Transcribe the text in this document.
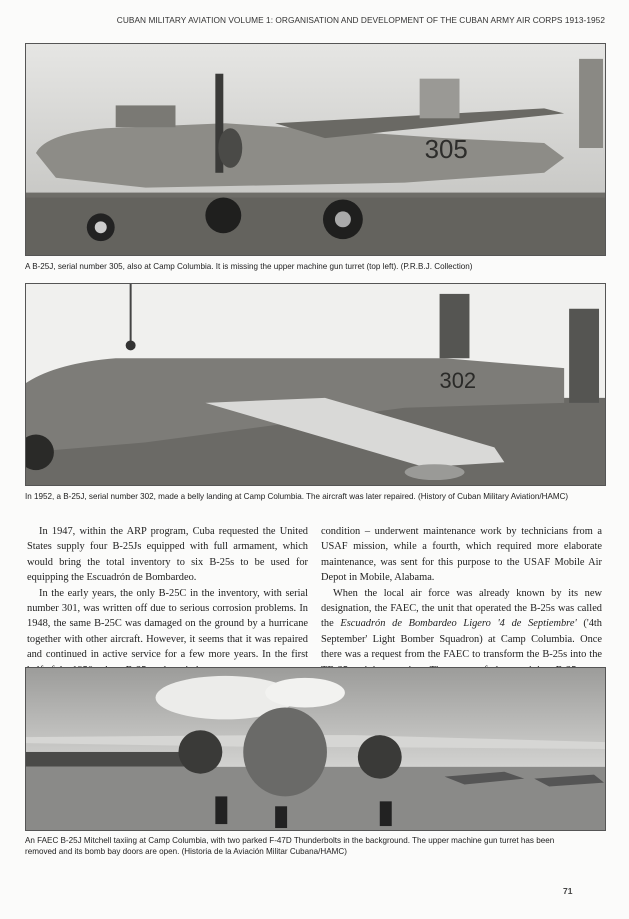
CUBAN MILITARY AVIATION VOLUME 1: ORGANISATION AND DEVELOPMENT OF THE CUBAN ARMY AIR CORPS 1913-1952
305
A B-25J, serial number 305, also at Camp Columbia. It is missing the upper machine gun turret (top left). (P.R.B.J. Collection)
302
In 1952, a B-25J, serial number 302, made a belly landing at Camp Columbia. The aircraft was later repaired. (History of Cuban Military Aviation/HAMC)

In 1947, within the ARP program, Cuba requested the United States supply four B-25Js equipped with full armament, which would bring the total inventory to six B-25s to be used for equipping the Escuadrón de Bombardeo.

In the early years, the only B-25C in the inventory, with serial number 301, was written off due to serious corrosion problems. In 1948, the same B-25C was damaged on the ground by a hurricane together with other aircraft. However, it seems that it was repaired and continued in active service for a few more years. In the first

condition – underwent maintenance work by technicians from a USAF mission, while a fourth, which required more elaborate maintenance, was sent for this purpose to the USAF Mobile Air Depot in Mobile, Alabama.

When the local air force was already known by its new designation, the FAEC, the unit that operated the B-25s was called the Escuadrón de Bombardeo Ligero '4 de Septiembre' ('4th September' Light Bomber Squadron) at Camp Columbia. Once there was a request from the FAEC to transform the B-25s into the

An FAEC B-25J Mitchell taxiing at Camp Columbia, with two parked F-47D Thunderbolts in the background. The upper machine gun turret has been
removed and its bomb bay doors are open. (Historia de la Aviación Militar Cubana/HAMC)
71
